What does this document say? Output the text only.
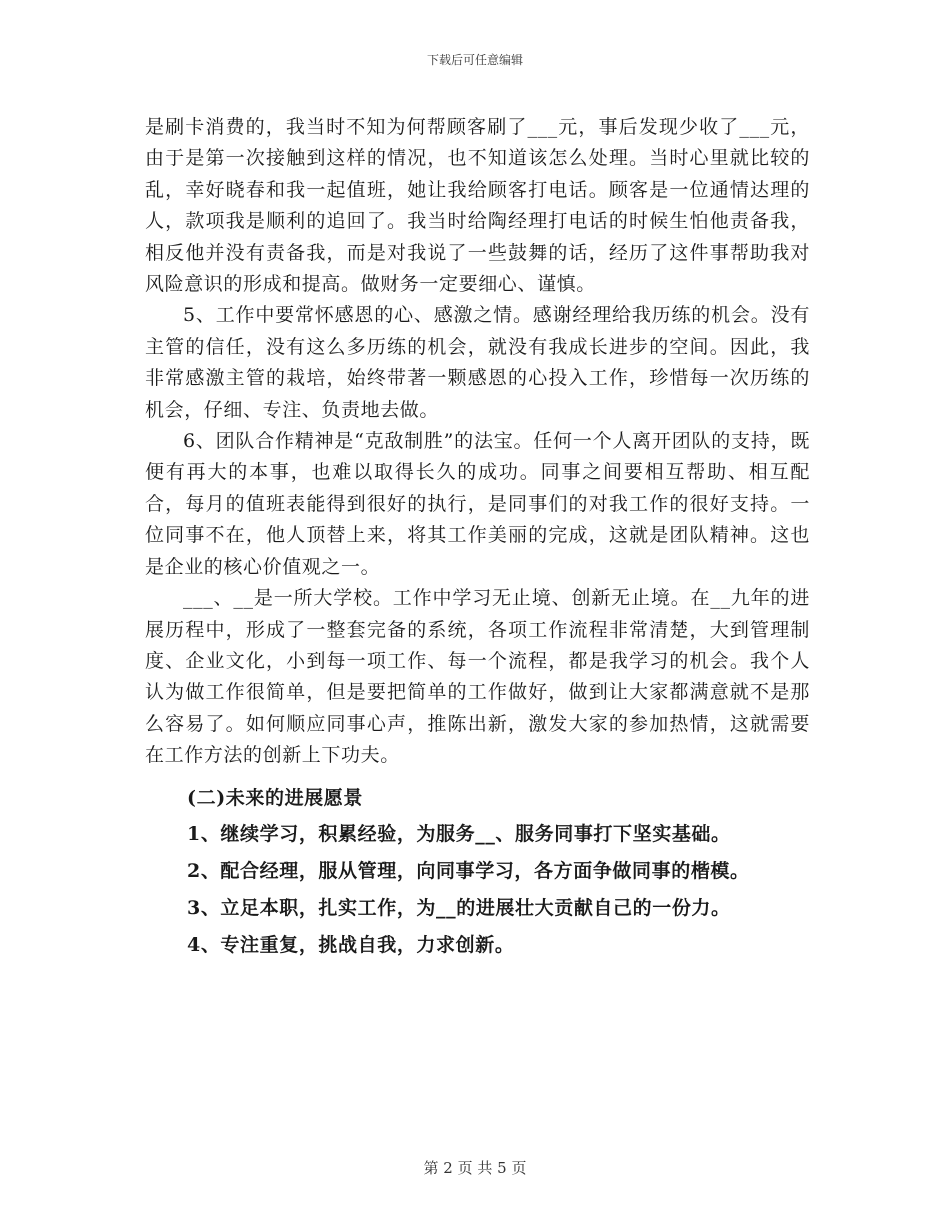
下载后可任意编辑

是刷卡消费的，我当时不知为何帮顾客刷了___元，事后发现少收了___元，由于是第一次接触到这样的情况，也不知道该怎么处理。当时心里就比较的乱，幸好晓春和我一起值班，她让我给顾客打电话。顾客是一位通情达理的人，款项我是顺利的追回了。我当时给陶经理打电话的时候生怕他责备我，相反他并没有责备我，而是对我说了一些鼓舞的话，经历了这件事帮助我对风险意识的形成和提高。做财务一定要细心、谨慎。

5、工作中要常怀感恩的心、感激之情。感谢经理给我历练的机会。没有主管的信任，没有这么多历练的机会，就没有我成长进步的空间。因此，我非常感激主管的栽培，始终带著一颗感恩的心投入工作，珍惜每一次历练的机会，仔细、专注、负责地去做。

6、团队合作精神是“克敌制胜”的法宝。任何一个人离开团队的支持，既便有再大的本事，也难以取得长久的成功。同事之间要相互帮助、相互配合，每月的值班表能得到很好的执行，是同事们的对我工作的很好支持。一位同事不在，他人顶替上来，将其工作美丽的完成，这就是团队精神。这也是企业的核心价值观之一。

___、__是一所大学校。工作中学习无止境、创新无止境。在__九年的进展历程中，形成了一整套完备的系统，各项工作流程非常清楚，大到管理制度、企业文化，小到每一项工作、每一个流程，都是我学习的机会。我个人认为做工作很简单，但是要把简单的工作做好，做到让大家都满意就不是那么容易了。如何顺应同事心声，推陈出新，激发大家的参加热情，这就需要在工作方法的创新上下功夫。

(二)未来的进展愿景
1、继续学习，积累经验，为服务__、服务同事打下坚实基础。
2、配合经理，服从管理，向同事学习，各方面争做同事的楷模。
3、立足本职，扎实工作，为__的进展壮大贡献自己的一份力。
4、专注重复，挑战自我，力求创新。
第 2 页 共 5 页
